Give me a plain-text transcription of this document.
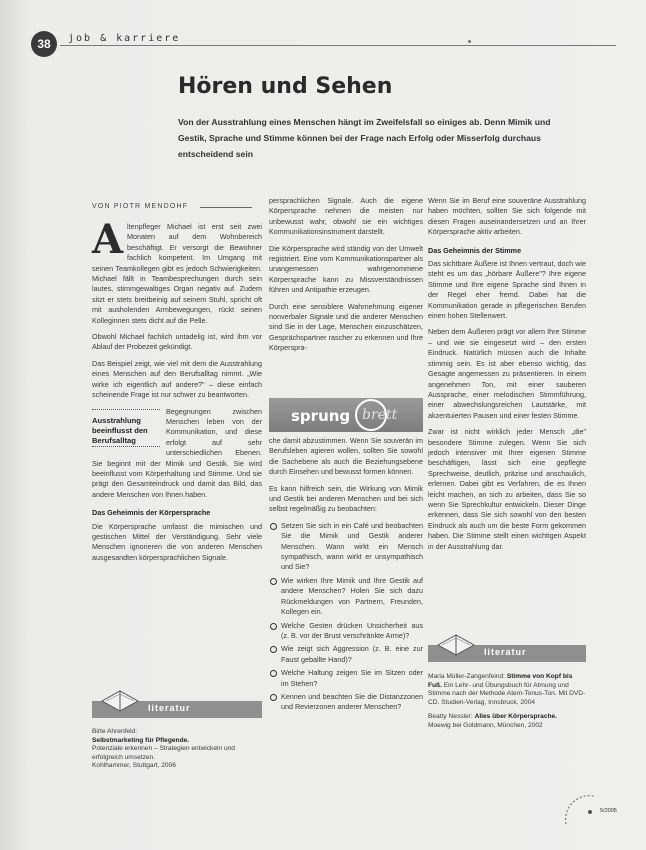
38	job & karriere
Hören und Sehen
Von der Ausstrahlung eines Menschen hängt im Zweifelsfall so einiges ab. Denn Mimik und Gestik, Sprache und Stimme können bei der Frage nach Erfolg oder Misserfolg durchaus entscheidend sein
VON PIOTR MENDOHF

A ltenpfleger Michael ist erst seit zwei Monaten auf dem Wohnbereich beschäftigt. Er versorgt die Bewohner fachlich kompetent. Im Umgang mit seinen Teamkollegen gibt es jedoch Schwierigkeiten. Michael fällt in Teambesprechungen durch sein lautes, stimmgewaltiges Organ negativ auf. Zudem sitzt er stets breitbeinig auf seinem Stuhl, spricht oft mit ausholenden Armbewegungen, rückt seinen Kolleginnen stets dicht auf die Pelle.

Obwohl Michael fachlich untadelig ist, wird ihm vor Ablauf der Probezeit gekündigt.

Das Beispiel zeigt, wie viel mit dem die Ausstrahlung eines Menschen auf den Berufsalltag nimmt. „Wie wirke ich eigentlich auf andere?" – diese einfach scheinende Frage ist nur schwer zu beantworten.

Ausstrahlung beeinflusst den Berufsalltag
Begegnungen zwischen Menschen leben von der Kommunikation, und diese erfolgt auf sehr unterschiedlichen Ebenen. Sie beginnt mit der Mimik und Gestik. Sie wird beeinflusst vom Körperhaltung und Stimme. Und sie prägt den Gesamteindruck und damit das Bild, das andere Menschen von Ihnen haben.

Das Geheimnis der Körpersprache

Die Körpersprache umfasst die mimischen und gestischen Mittel der Verständigung. Sehr viele Menschen ignorieren die von anderen Menschen ausgesandten körpersprachlichen Signale.

persprachlichen Signale. Auch die eigene Körpersprache nehmen die meisten nur unbewusst wahr, obwohl sie ein wichtiges Kommunikationsinstrument darstellt.

Die Körpersprache wird ständig von der Umwelt registriert. Eine vom Kommunikationspartner als unangemessen wahrgenommene Körpersprache kann zu Missverständnissen führen und Antipathie erzeugen.

Durch eine sensiblere Wahrnehmung eigener nonverbaler Signale und die anderer Menschen sind Sie in der Lage, Menschen einzuschätzen, Gesprächspartner rascher zu erkennen und Ihre Körperspra-

sprung brett

che damit abzustimmen. Wenn Sie souverän im Berufsleben agieren wollen, sollten Sie sowohl die Sachebene als auch die Beziehungsebene durch Einsehen und bewusst formen können.

Es kann hilfreich sein, die Wirkung von Mimik und Gestik bei anderen Menschen und bei sich selbst regelmäßig zu beobachten:

Setzen Sie sich in ein Café und beobachten Sie die Mimik und Gestik anderer Menschen. Wann wirkt ein Mensch sympathisch, wann wirkt er unsympathisch und Sie?
Wie wirken Ihre Mimik und Ihre Gestik auf andere Menschen? Holen Sie sich dazu Rückmeldungen von Partnern, Freunden, Kollegen ein.
Welche Gesten drücken Unsicherheit aus (z. B. vor der Brust verschränkte Arme)?
Wie zeigt sich Aggression (z. B. eine zur Faust geballte Hand)?
Welche Haltung zeigen Sie im Sitzen oder im Stehen?
Kennen und beachten Sie die Distanzzonen und Revierzonen anderer Menschen?

Wenn Sie im Beruf eine souveräne Ausstrahlung haben möchten, sollten Sie sich folgende mit diesen Fragen auseinandersetzen und an Ihrer Körpersprache aktiv arbeiten.

Das Geheimnis der Stimme

Das sichtbare Äußere ist Ihnen vertraut, doch wie steht es um das „hörbare Äußere"? Ihre eigene Stimme und Ihre eigene Sprache sind Ihnen in der Regel eher fremd. Dabei hat die Kommunikation gerade in pflegerischen Berufen einen hohen Stellenwert.

Neben dem Äußeren prägt vor allem Ihre Stimme – und wie sie eingesetzt wird – den ersten Eindruck. Natürlich müssen auch die Inhalte stimmig sein. Es ist aber ebenso wichtig, das Gesagte angemessen zu präsentieren. In einem angenehmen Ton, mit einer sauberen Aussprache, einer melodischen Stimmführung, einer abwechslungsreichen Lautstärke, mit akzentuierten Pausen und einer festen Stimme.

Zwar ist nicht wirklich jeder Mensch „die" besondere Stimme zulegen. Wenn Sie sich jedoch intensiver mit Ihrer eigenen Stimme beschäftigen, lässt sich eine gepflegte Sprechweise, deutlich, präzise und anschaulich, erlernen. Dabei gibt es Verfahren, die es Ihnen leicht machen, an sich zu arbeiten, dass Sie so wenn Sie Sprechkultur entwickeln. Dieser Dinge erkennen, dass Sie sich sowohl von den besten Eindruck als auch um die beste Form gekommen haben. Die Stimme stellt einen wichtigen Aspekt in der Ausstrahlung dar.

literatur
Birte Ahrenfeld:
Selbstmarketing für Pflegende.
Potenziale erkennen – Strategien entwickeln und erfolgreich umsetzen.
Kohlhammer, Stuttgart, 2006
literatur
Maria Müller-Zangenfeind: Stimme von Kopf bis Fuß. Ein Lehr- und Übungsbuch für Atmung und Stimme nach der Methode Atem-Tonus-Ton. Mit DVD-CD. Studien-Verlag, Innsbruck, 2004
Beatty Nessler: Alles über Körpersprache.
Moewig bei Goldmann, München, 2002
5/2005
